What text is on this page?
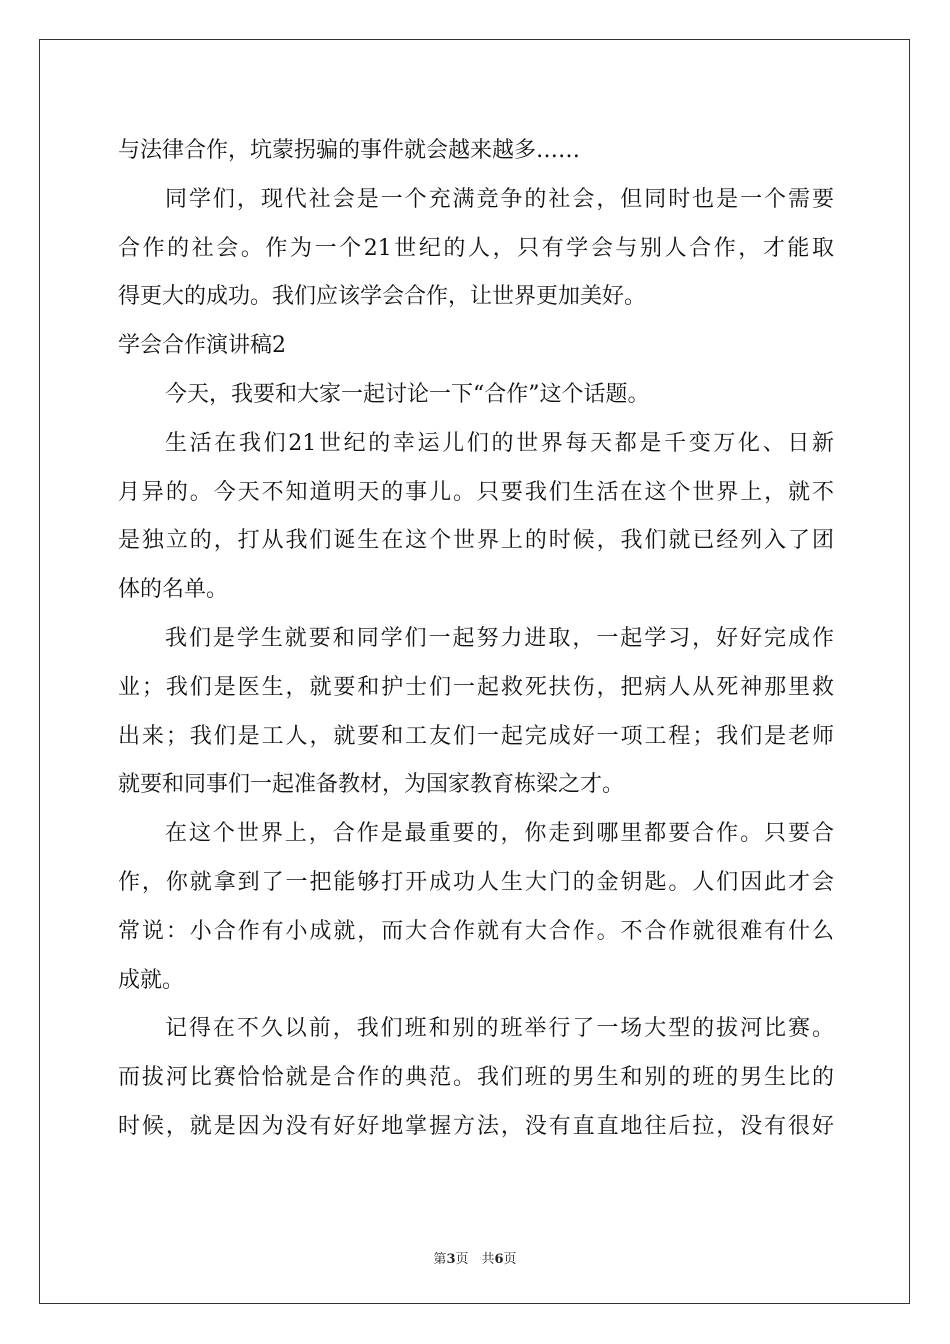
与法律合作，坑蒙拐骗的事件就会越来越多……
同学们，现代社会是一个充满竞争的社会，但同时也是一个需要
合作的社会。作为一个21世纪的人，只有学会与别人合作，才能取
得更大的成功。我们应该学会合作，让世界更加美好。
学会合作演讲稿2
今天，我要和大家一起讨论一下“合作”这个话题。
生活在我们21世纪的幸运儿们的世界每天都是千变万化、日新
月异的。今天不知道明天的事儿。只要我们生活在这个世界上，就不
是独立的，打从我们诞生在这个世界上的时候，我们就已经列入了团
体的名单。
我们是学生就要和同学们一起努力进取，一起学习，好好完成作
业；我们是医生，就要和护士们一起救死扶伤，把病人从死神那里救
出来；我们是工人，就要和工友们一起完成好一项工程；我们是老师
就要和同事们一起准备教材，为国家教育栋梁之才。
在这个世界上，合作是最重要的，你走到哪里都要合作。只要合
作，你就拿到了一把能够打开成功人生大门的金钥匙。人们因此才会
常说：小合作有小成就，而大合作就有大合作。不合作就很难有什么
成就。
记得在不久以前，我们班和别的班举行了一场大型的拔河比赛。
而拔河比赛恰恰就是合作的典范。我们班的男生和别的班的男生比的
时候，就是因为没有好好地掌握方法，没有直直地往后拉，没有很好
第3页　共6页
